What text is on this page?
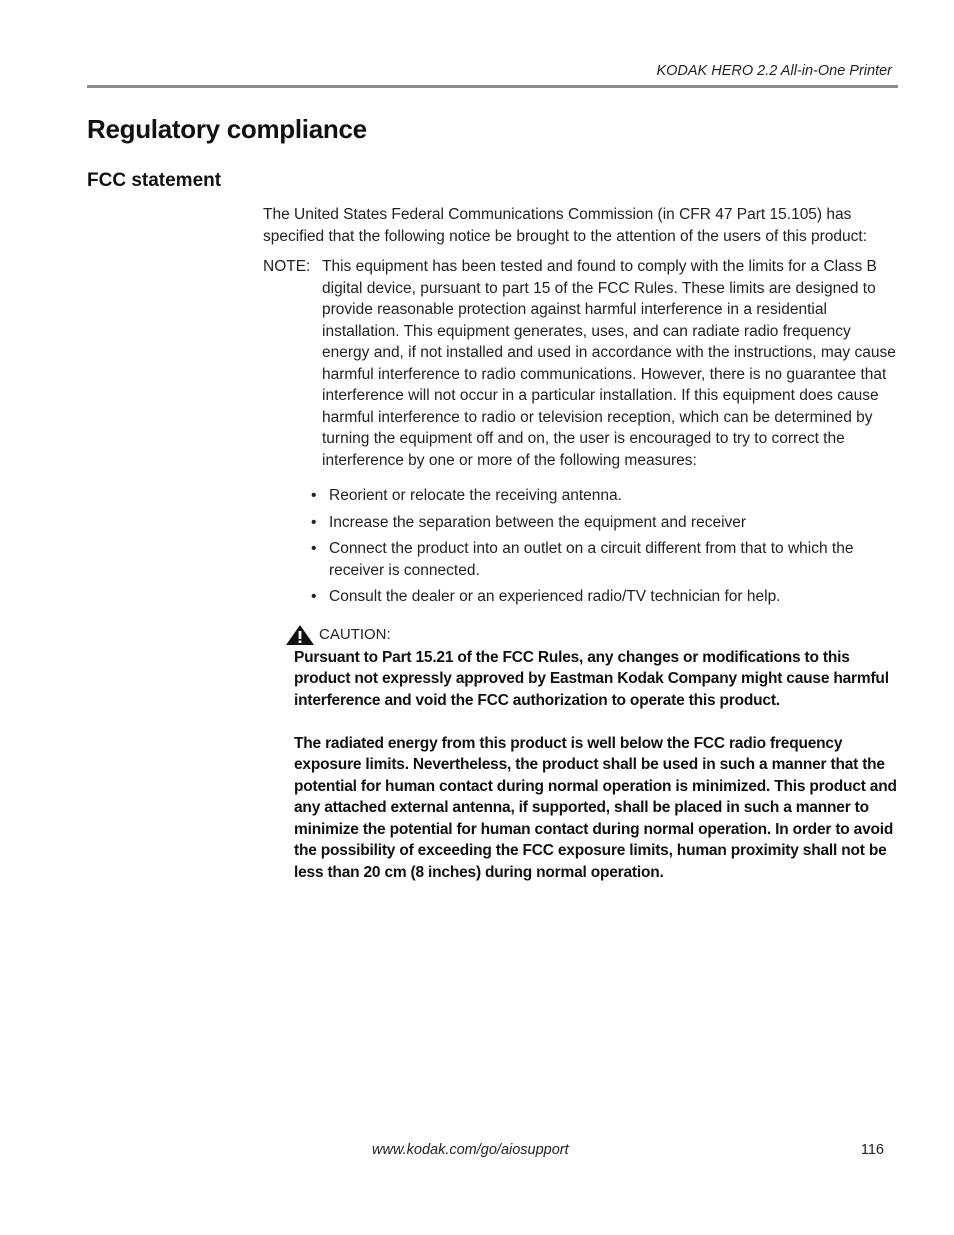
KODAK HERO 2.2 All-in-One Printer
Regulatory compliance
FCC statement

The United States Federal Communications Commission (in CFR 47 Part 15.105) has specified that the following notice be brought to the attention of the users of this product:

NOTE: This equipment has been tested and found to comply with the limits for a Class B digital device, pursuant to part 15 of the FCC Rules. These limits are designed to provide reasonable protection against harmful interference in a residential installation. This equipment generates, uses, and can radiate radio frequency energy and, if not installed and used in accordance with the instructions, may cause harmful interference to radio communications. However, there is no guarantee that interference will not occur in a particular installation. If this equipment does cause harmful interference to radio or television reception, which can be determined by turning the equipment off and on, the user is encouraged to try to correct the interference by one or more of the following measures:

• Reorient or relocate the receiving antenna.
• Increase the separation between the equipment and receiver
• Connect the product into an outlet on a circuit different from that to which the receiver is connected.
• Consult the dealer or an experienced radio/TV technician for help.
CAUTION:

Pursuant to Part 15.21 of the FCC Rules, any changes or modifications to this product not expressly approved by Eastman Kodak Company might cause harmful interference and void the FCC authorization to operate this product.

The radiated energy from this product is well below the FCC radio frequency exposure limits. Nevertheless, the product shall be used in such a manner that the potential for human contact during normal operation is minimized. This product and any attached external antenna, if supported, shall be placed in such a manner to minimize the potential for human contact during normal operation. In order to avoid the possibility of exceeding the FCC exposure limits, human proximity shall not be less than 20 cm (8 inches) during normal operation.

www.kodak.com/go/aiosupport	116
